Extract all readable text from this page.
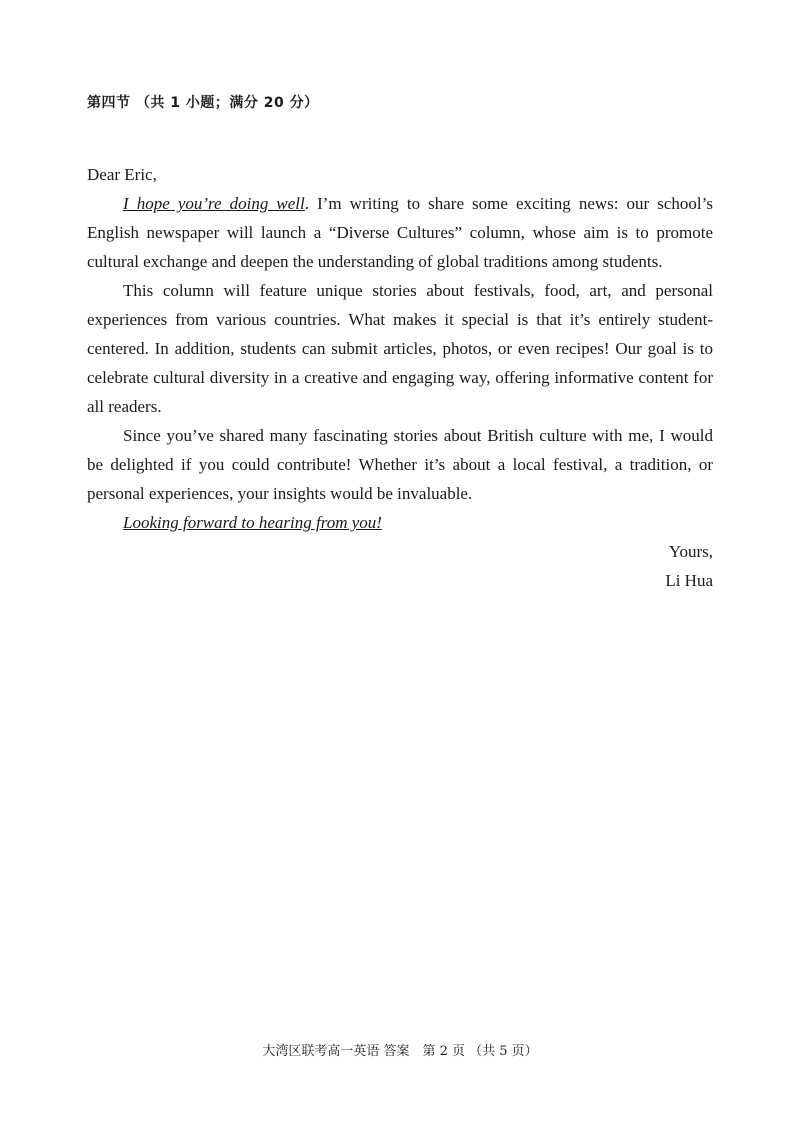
第四节 （共 1 小题；满分 20 分）

Dear Eric,

I hope you’re doing well. I’m writing to share some exciting news: our school’s English newspaper will launch a “Diverse Cultures” column, whose aim is to promote cultural exchange and deepen the understanding of global traditions among students.

This column will feature unique stories about festivals, food, art, and personal experiences from various countries. What makes it special is that it’s entirely student-centered. In addition, students can submit articles, photos, or even recipes! Our goal is to celebrate cultural diversity in a creative and engaging way, offering informative content for all readers.

Since you’ve shared many fascinating stories about British culture with me, I would be delighted if you could contribute! Whether it’s about a local festival, a tradition, or personal experiences, your insights would be invaluable.

Looking forward to hearing from you!

Yours,

Li Hua

大湾区联考高一英语 答案　第 2 页 （共 5 页）
